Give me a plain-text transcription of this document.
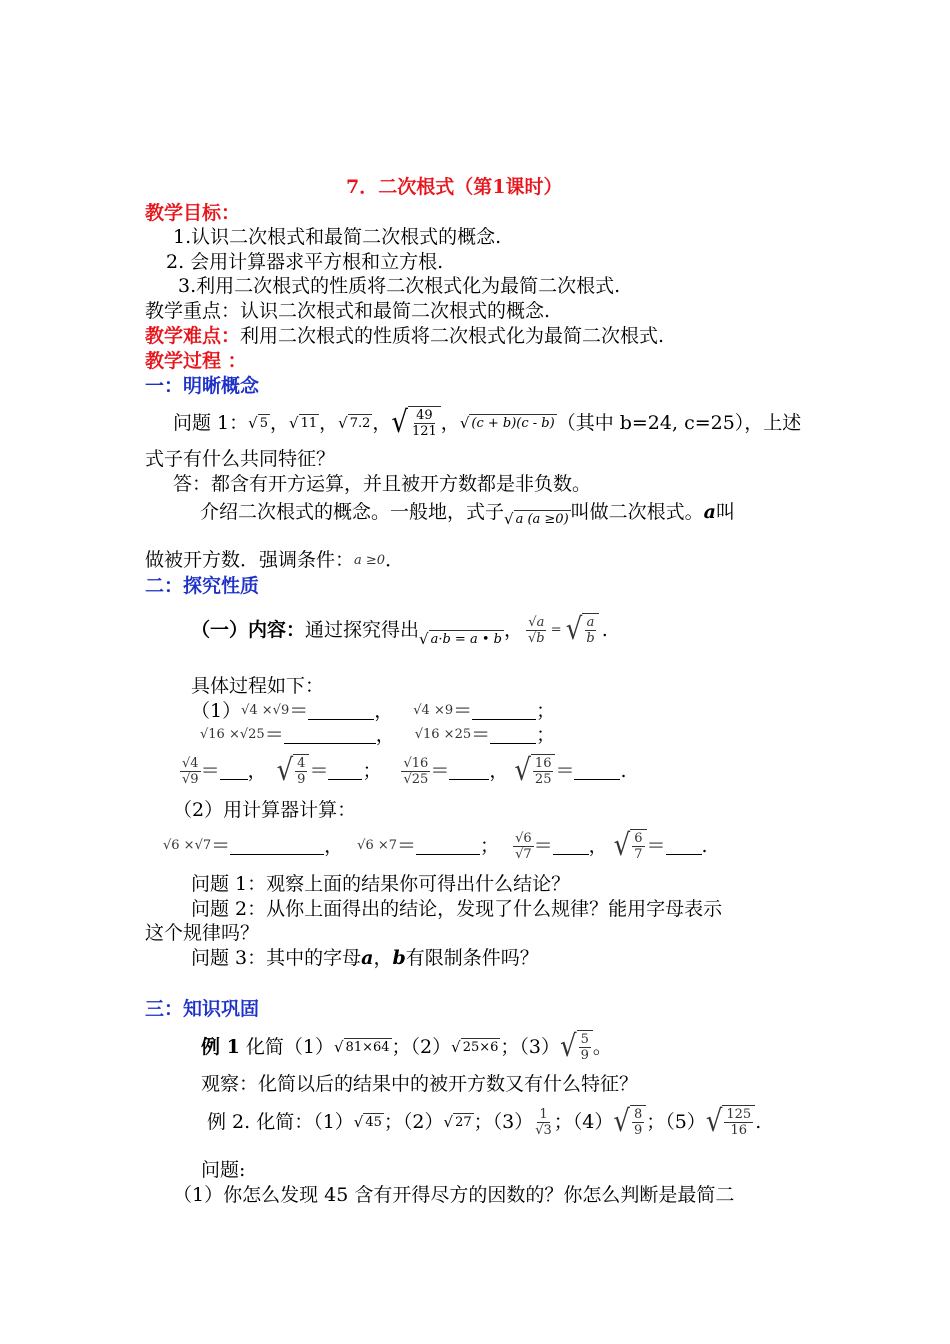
7．二次根式（第1课时）
教学目标：
1.认识二次根式和最简二次根式的概念.
2. 会用计算器求平方根和立方根.
3.利用二次根式的性质将二次根式化为最简二次根式.
教学重点：认识二次根式和最简二次根式的概念.
教学难点：利用二次根式的性质将二次根式化为最简二次根式.
教学过程 ：
一：明晰概念
问题 1： √ 5 ， √ 11 ， √ 7.2 ， √ $\frac{49}{121}$ ， √ (c + b)(c - b) （其中 b=24, c=25），上述
式子有什么共同特征？
答：都含有开方运算，并且被开方数都是非负数。
介绍二次根式的概念。一般地，式子 √ a (a ≥0) 叫做二次根式。 a 叫
做被开方数．强调条件：a ≥0．
二：探究性质
（一）内容： 通过探究得出 √ a·b = a • b ， $\frac{√a}{√b}$ = √ $\frac{a}{b}$ .
具体过程如下：
（1） √4 ×√9 ＝	， √4 ×9 ＝	；
√16 ×√25 ＝	， √16 ×25 ＝ ；
$\frac{√4}{√9}$ ＝ ， √ $\frac{4}{9}$ ＝ ； $\frac{√16}{√25}$ ＝ ， √ $\frac{16}{25}$ ＝ .
（2）用计算器计算：
√6 ×√7 ＝	， √6 ×7 ＝	； $\frac{√6}{√7}$ ＝ ， √ $\frac{6}{7}$ ＝ .
问题 1：观察上面的结果你可得出什么结论？
问题 2：从你上面得出的结论，发现了什么规律？能用字母表示
这个规律吗？
问题 3：其中的字母a，b有限制条件吗？
三：知识巩固
例 1
化简（1） √ 81×64 ；（2） √ 25×6 ；（3） √ $\frac{5}{9}$ 。
观察：化简以后的结果中的被开方数又有什么特征？
例 2. 化简：（1） √ 45 ；（2） √ 27 ；$(3) \frac{1}{√3}$ ；（4） √ $\frac{8}{9}$ ；（5） √ $\frac{125}{16}$ .
问题:
（1）你怎么发现 45 含有开得尽方的因数的？你怎么判断是最简二
